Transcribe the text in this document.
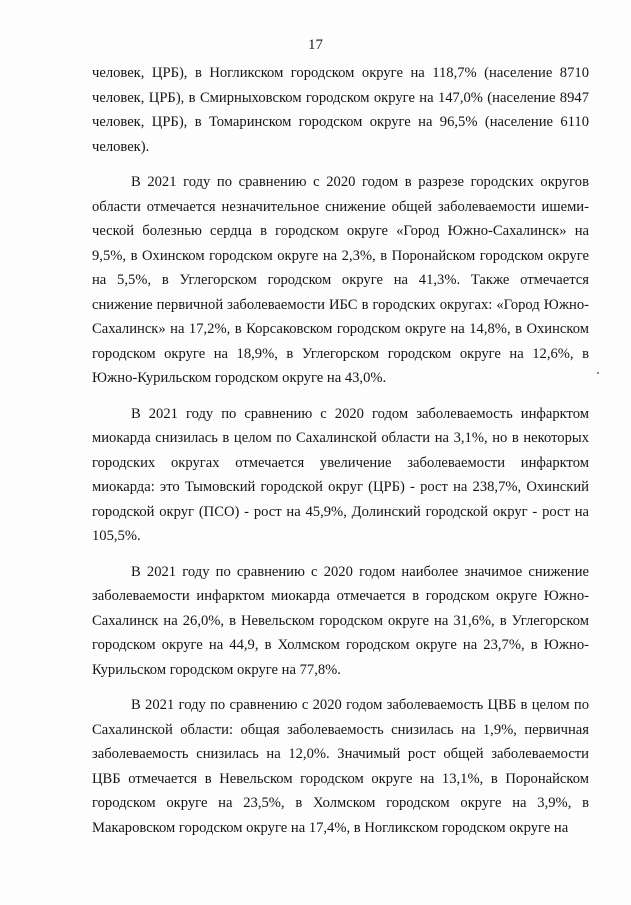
17

человек, ЦРБ), в Ногликском городском округе на 118,7% (население 8710 человек, ЦРБ), в Смирныховском городском округе на 147,0% (население 8947 человек, ЦРБ), в Томаринском городском округе на 96,5% (население 6110 человек).

В 2021 году по сравнению с 2020 годом в разрезе городских округов области отмечается незначительное снижение общей заболеваемости ишемической болезнью сердца в городском округе «Город Южно-Сахалинск» на 9,5%, в Охинском городском округе на 2,3%, в Поронайском городском округе на 5,5%, в Углегорском городском округе на 41,3%. Также отмечается снижение первичной заболеваемости ИБС в городских округах: «Город Южно-Сахалинск» на 17,2%, в Корсаковском городском округе на 14,8%, в Охинском городском округе на 18,9%, в Углегорском городском округе на 12,6%, в Южно-Курильском городском округе на 43,0%.

В 2021 году по сравнению с 2020 годом заболеваемость инфарктом миокарда снизилась в целом по Сахалинской области на 3,1%, но в некоторых городских округах отмечается увеличение заболеваемости инфарктом миокарда: это Тымовский городской округ (ЦРБ) - рост на 238,7%, Охинский городской округ (ПСО) - рост на 45,9%, Долинский городской округ - рост на 105,5%.

В 2021 году по сравнению с 2020 годом наиболее значимое снижение заболеваемости инфарктом миокарда отмечается в городском округе Южно-Сахалинск на 26,0%, в Невельском городском округе на 31,6%, в Углегорском городском округе на 44,9, в Холмском городском округе на 23,7%, в Южно-Курильском городском округе на 77,8%.

В 2021 году по сравнению с 2020 годом заболеваемость ЦВБ в целом по Сахалинской области: общая заболеваемость снизилась на 1,9%, первичная заболеваемость снизилась на 12,0%. Значимый рост общей заболеваемости ЦВБ отмечается в Невельском городском округе на 13,1%, в Поронайском городском округе на 23,5%, в Холмском городском округе на 3,9%, в Макаровском городском округе на 17,4%, в Ногликском городском округе на
